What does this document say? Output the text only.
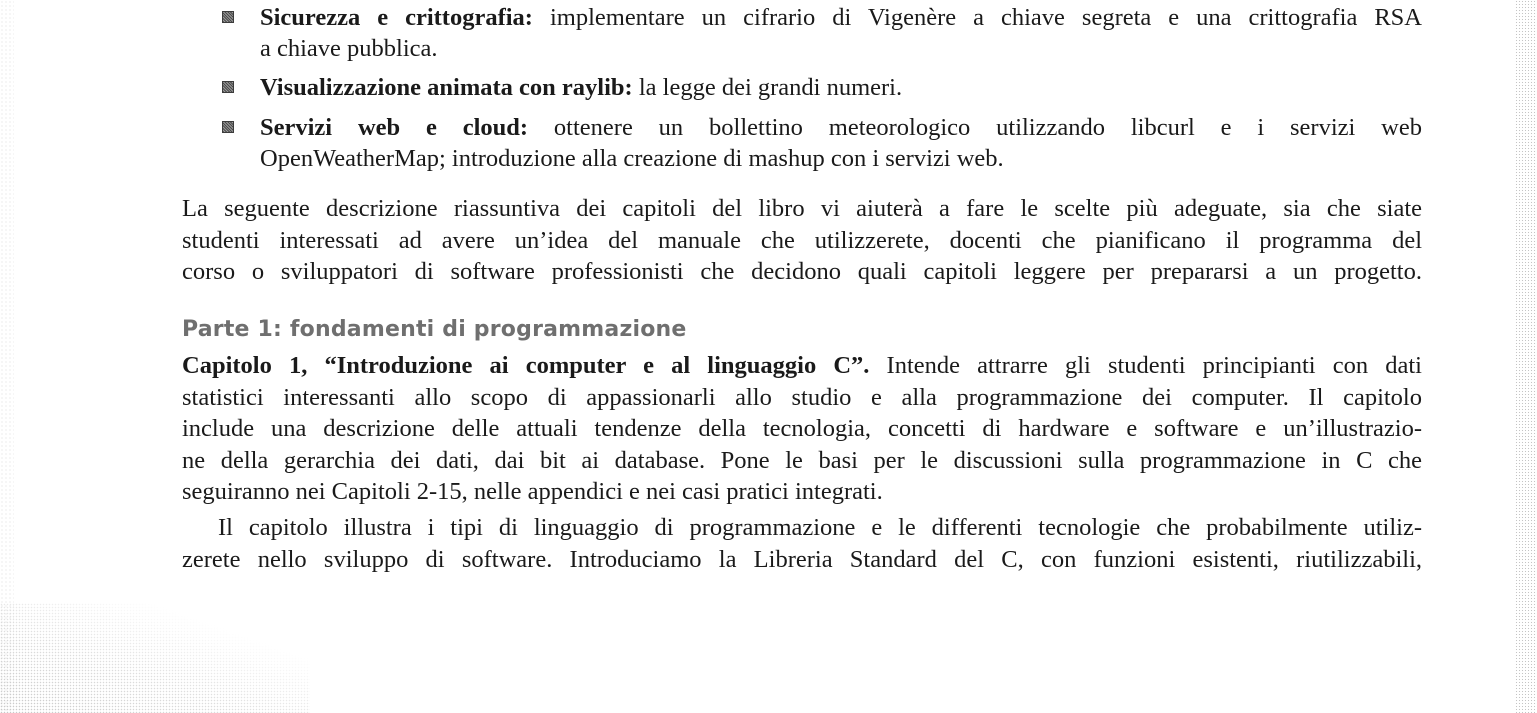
Sicurezza e crittografia: implementare un cifrario di Vigenère a chiave segreta e una crittografia RSA
a chiave pubblica.
Visualizzazione animata con raylib: la legge dei grandi numeri.
Servizi web e cloud: ottenere un bollettino meteorologico utilizzando libcurl e i servizi web
OpenWeatherMap; introduzione alla creazione di mashup con i servizi web.

La seguente descrizione riassuntiva dei capitoli del libro vi aiuterà a fare le scelte più adeguate, sia che siate
studenti interessati ad avere un’idea del manuale che utilizzerete, docenti che pianificano il programma del
corso o sviluppatori di software professionisti che decidono quali capitoli leggere per prepararsi a un progetto.

Parte 1: fondamenti di programmazione

Capitolo 1, “Introduzione ai computer e al linguaggio C”. Intende attrarre gli studenti principianti con dati
statistici interessanti allo scopo di appassionarli allo studio e alla programmazione dei computer. Il capitolo
include una descrizione delle attuali tendenze della tecnologia, concetti di hardware e software e un’illustrazio-
ne della gerarchia dei dati, dai bit ai database. Pone le basi per le discussioni sulla programmazione in C che
seguiranno nei Capitoli 2-15, nelle appendici e nei casi pratici integrati.

Il capitolo illustra i tipi di linguaggio di programmazione e le differenti tecnologie che probabilmente utiliz-
zerete nello sviluppo di software. Introduciamo la Libreria Standard del C, con funzioni esistenti, riutilizzabili,
